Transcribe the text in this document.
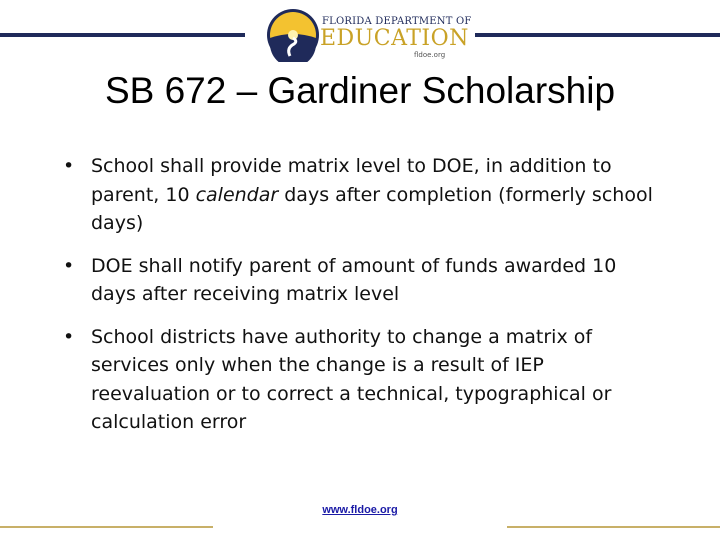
FLORIDA DEPARTMENT OF
EDUCATION
fldoe.org
SB 672 – Gardiner Scholarship
• School shall provide matrix level to DOE, in addition to parent, 10 calendar days after completion (formerly school days)
• DOE shall notify parent of amount of funds awarded 10 days after receiving matrix level
• School districts have authority to change a matrix of services only when the change is a result of IEP reevaluation or to correct a technical, typographical or calculation error
www.fldoe.org
